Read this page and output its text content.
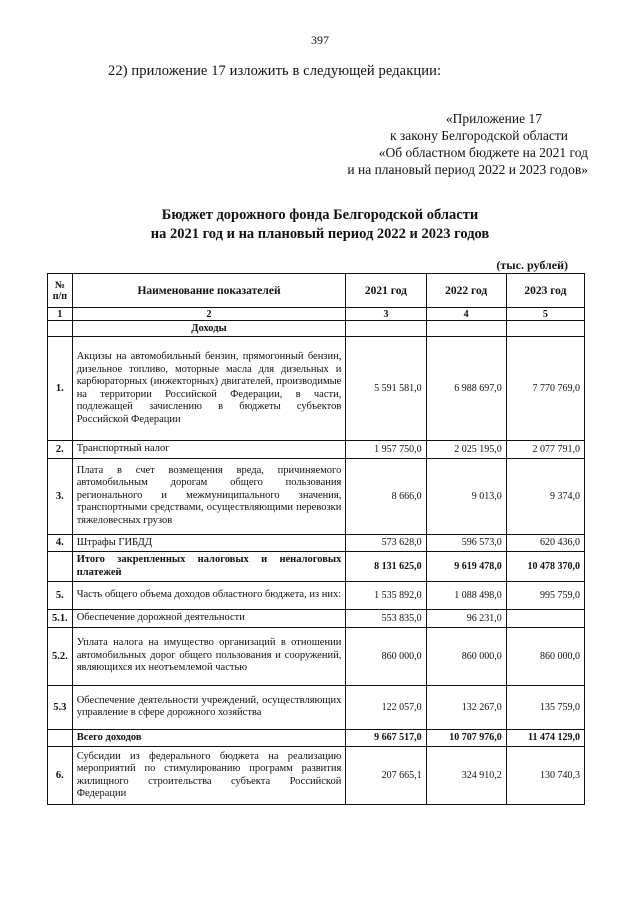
397
22) приложение 17 изложить в следующей редакции:
«Приложение 17
к закону Белгородской области
«Об областном бюджете на 2021 год
и на плановый период 2022 и 2023 годов»
Бюджет дорожного фонда Белгородской области
на 2021 год и на плановый период 2022 и 2023 годов
(тыс. рублей)
№ п/п	Наименование показателей	2021 год	2022 год	2023 год
1	2	3	4	5
	Доходы			
1.	Акцизы на автомобильный бензин, прямогонный бензин, дизельное топливо, моторные масла для дизельных и карбюраторных (инжекторных) двигателей, производимые на территории Российской Федерации, в части, подлежащей зачислению в бюджеты субъектов Российской Федерации	5 591 581,0	6 988 697,0	7 770 769,0
2.	Транспортный налог	1 957 750,0	2 025 195,0	2 077 791,0
3.	Плата в счет возмещения вреда, причиняемого автомобильным дорогам общего пользования регионального и межмуниципального значения, транспортными средствами, осуществляющими перевозки тяжеловесных грузов	8 666,0	9 013,0	9 374,0
4.	Штрафы ГИБДД	573 628,0	596 573,0	620 436,0

	Итого закрепленных налоговых и неналоговых платежей	8 131 625,0	9 619 478,0	10 478 370,0
5.	Часть общего объема доходов областного бюджета, из них:	1 535 892,0	1 088 498,0	995 759,0
5.1.	Обеспечение дорожной деятельности	553 835,0	96 231,0	
5.2.	Уплата налога на имущество организаций в отношении автомобильных дорог общего пользования и сооружений, являющихся их неотъемлемой частью	860 000,0	860 000,0	860 000,0
5.3	Обеспечение деятельности учреждений, осуществляющих управление в сфере дорожного хозяйства	122 057,0	132 267,0	135 759,0

	Всего доходов	9 667 517,0	10 707 976,0	11 474 129,0
6.	Субсидии из федерального бюджета на реализацию мероприятий по стимулированию программ развития жилищного строительства субъекта Российской Федерации	207 665,1	324 910,2	130 740,3
